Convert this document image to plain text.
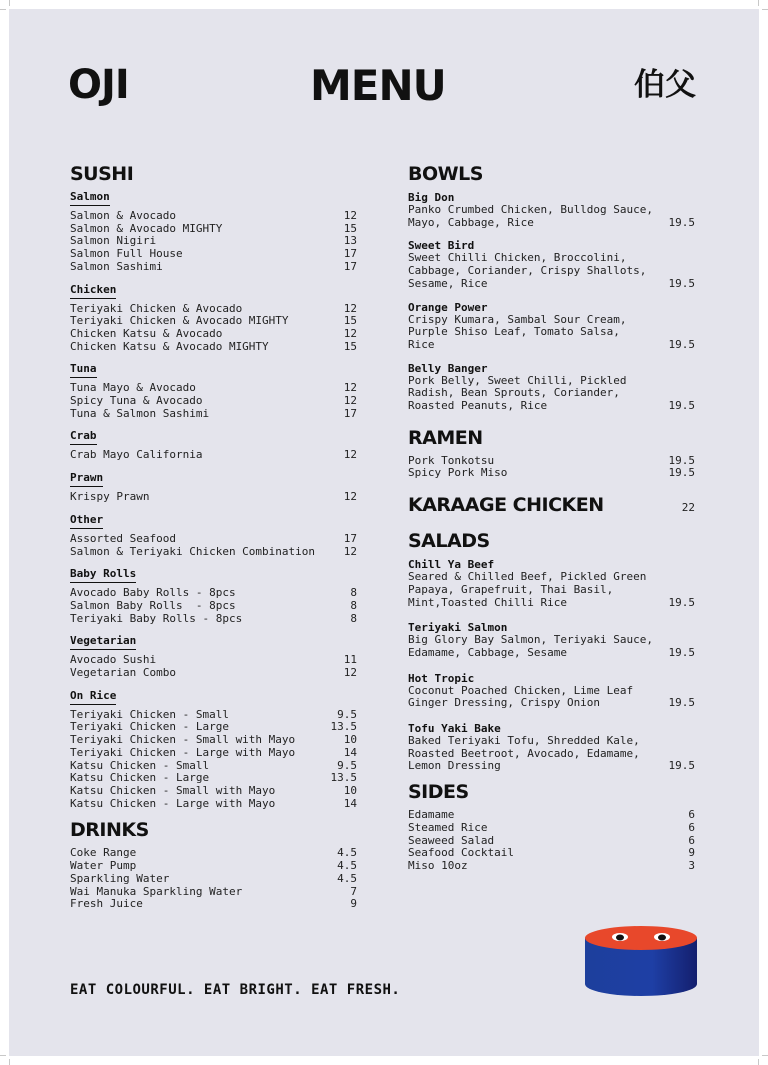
OJI	MENU	伯父
SUSHI
Salmon
Salmon & Avocado	12
Salmon & Avocado MIGHTY	15
Salmon Nigiri	13
Salmon Full House	17
Salmon Sashimi	17
Chicken
Teriyaki Chicken & Avocado	12
Teriyaki Chicken & Avocado MIGHTY	15
Chicken Katsu & Avocado	12
Chicken Katsu & Avocado MIGHTY	15
Tuna
Tuna Mayo & Avocado	12
Spicy Tuna & Avocado	12
Tuna & Salmon Sashimi	17
Crab
Crab Mayo California	12
Prawn
Krispy Prawn	12
Other
Assorted Seafood	17
Salmon & Teriyaki Chicken Combination	12
Baby Rolls
Avocado Baby Rolls - 8pcs	8
Salmon Baby Rolls  - 8pcs	8
Teriyaki Baby Rolls - 8pcs	8
Vegetarian
Avocado Sushi	11
Vegetarian Combo	12
On Rice
Teriyaki Chicken - Small	9.5
Teriyaki Chicken - Large	13.5
Teriyaki Chicken - Small with Mayo	10
Teriyaki Chicken - Large with Mayo	14
Katsu Chicken - Small	9.5
Katsu Chicken - Large	13.5
Katsu Chicken - Small with Mayo	10
Katsu Chicken - Large with Mayo	14
DRINKS
Coke Range	4.5
Water Pump	4.5
Sparkling Water	4.5
Wai Manuka Sparkling Water	7
Fresh Juice	9
BOWLS
Big Don
Panko Crumbed Chicken, Bulldog Sauce,
Mayo, Cabbage, Rice	19.5
Sweet Bird
Sweet Chilli Chicken, Broccolini,
Cabbage, Coriander, Crispy Shallots,
Sesame, Rice	19.5
Orange Power
Crispy Kumara, Sambal Sour Cream,
Purple Shiso Leaf, Tomato Salsa,
Rice	19.5
Belly Banger
Pork Belly, Sweet Chilli, Pickled
Radish, Bean Sprouts, Coriander,
Roasted Peanuts, Rice	19.5
RAMEN
Pork Tonkotsu	19.5
Spicy Pork Miso	19.5
KARAAGE CHICKEN	22
SALADS
Chill Ya Beef
Seared & Chilled Beef, Pickled Green
Papaya, Grapefruit, Thai Basil,
Mint,Toasted Chilli Rice	19.5
Teriyaki Salmon
Big Glory Bay Salmon, Teriyaki Sauce,
Edamame, Cabbage, Sesame	19.5
Hot Tropic
Coconut Poached Chicken, Lime Leaf
Ginger Dressing, Crispy Onion	19.5
Tofu Yaki Bake
Baked Teriyaki Tofu, Shredded Kale,
Roasted Beetroot, Avocado, Edamame,
Lemon Dressing	19.5
SIDES
Edamame	6
Steamed Rice	6
Seaweed Salad	6
Seafood Cocktail	9
Miso 10oz	3
EAT COLOURFUL. EAT BRIGHT. EAT FRESH.
